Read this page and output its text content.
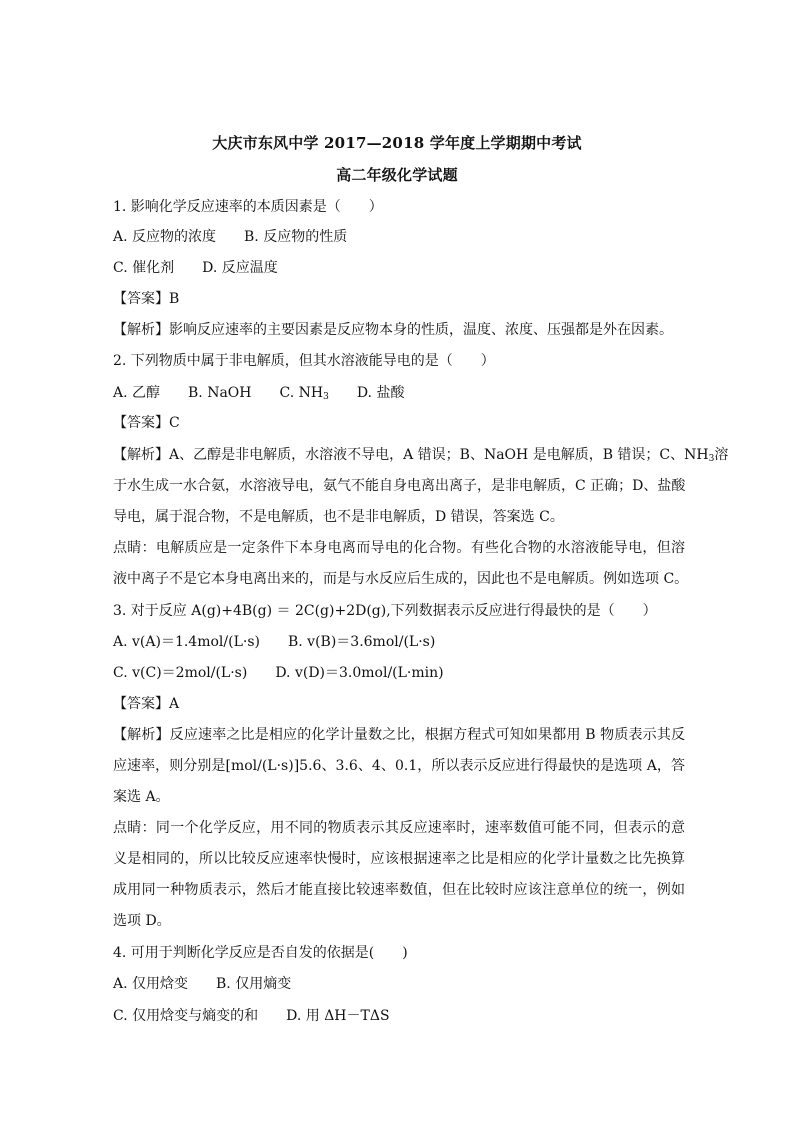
大庆市东风中学 2017—2018 学年度上学期期中考试
高二年级化学试题
1. 影响化学反应速率的本质因素是（　　）
A. 反应物的浓度 B. 反应物的性质
C. 催化剂 D. 反应温度
【答案】B
【解析】影响反应速率的主要因素是反应物本身的性质，温度、浓度、压强都是外在因素。
2. 下列物质中属于非电解质，但其水溶液能导电的是（　　）
A. 乙醇 B. NaOH C. $NH_3$ D. 盐酸
【答案】C
【解析】A、乙醇是非电解质，水溶液不导电，A 错误；B、NaOH 是电解质，B 错误；C、$NH_3$溶
于水生成一水合氨，水溶液导电，氨气不能自身电离出离子，是非电解质，C 正确；D、盐酸
导电，属于混合物，不是电解质，也不是非电解质，D 错误，答案选 C。
点睛：电解质应是一定条件下本身电离而导电的化合物。有些化合物的水溶液能导电，但溶
液中离子不是它本身电离出来的，而是与水反应后生成的，因此也不是电解质。例如选项 C。
3. 对于反应 A(g)+4B(g) ＝ 2C(g)+2D(g),下列数据表示反应进行得最快的是（　　）
A. v(A)＝1.4mol/(L·s) B. v(B)＝3.6mol/(L·s)
C. v(C)＝2mol/(L·s) D. v(D)＝3.0mol/(L·min)
【答案】A
【解析】反应速率之比是相应的化学计量数之比，根据方程式可知如果都用 B 物质表示其反
应速率，则分别是[mol/(L·s)]5.6、3.6、4、0.1，所以表示反应进行得最快的是选项 A，答
案选 A。
点睛：同一个化学反应，用不同的物质表示其反应速率时，速率数值可能不同，但表示的意
义是相同的，所以比较反应速率快慢时，应该根据速率之比是相应的化学计量数之比先换算
成用同一种物质表示，然后才能直接比较速率数值，但在比较时应该注意单位的统一，例如
选项 D。
4. 可用于判断化学反应是否自发的依据是(　　)
A. 仅用焓变 B. 仅用熵变
C. 仅用焓变与熵变的和 D. 用 ΔH－TΔS
